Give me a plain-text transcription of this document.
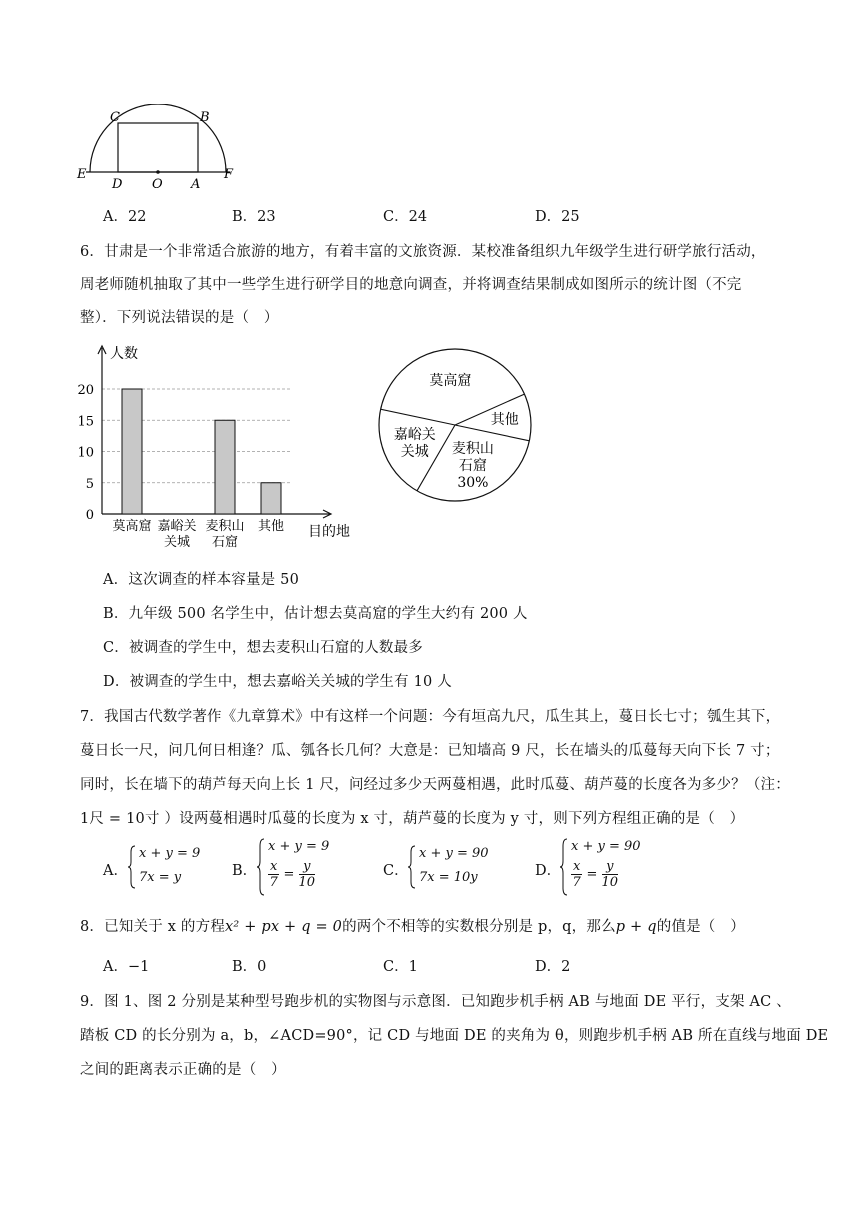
C	B
E
D O A
F
A．22	B．23	C．24	D．25
6．甘肃是一个非常适合旅游的地方，有着丰富的文旅资源．某校准备组织九年级学生进行研学旅行活动，
周老师随机抽取了其中一些学生进行研学目的地意向调查，并将调查结果制成如图所示的统计图（不完
整）．下列说法错误的是（　）
人数
目的地
0
5
10
15
20
莫高窟 嘉峪关
关城
麦积山
石窟
其他
莫高窟
其他
麦积山
石窟
30%
嘉峪关
关城
A．这次调查的样本容量是 50
B．九年级 500 名学生中，估计想去莫高窟的学生大约有 200 人
C．被调查的学生中，想去麦积山石窟的人数最多
D．被调查的学生中，想去嘉峪关关城的学生有 10 人
7．我国古代数学著作《九章算术》中有这样一个问题：今有垣高九尺，瓜生其上，蔓日长七寸；瓠生其下，
蔓日长一尺，问几何日相逢？瓜、瓠各长几何？大意是：已知墙高 9 尺，长在墙头的瓜蔓每天向下长 7 寸；
同时，长在墙下的葫芦每天向上长 1 尺，问经过多少天两蔓相遇，此时瓜蔓、葫芦蔓的长度各为多少？（注：
1尺 = 10寸 ）设两蔓相遇时瓜蔓的长度为 x 寸，葫芦蔓的长度为 y 寸，则下列方程组正确的是（　）
A．
x + y = 9
7x = y	B．
x + y = 9
$\frac{x}{7} = \frac{y}{10}$	C．
x + y = 90
7x = 10y	D．
x + y = 90
$\frac{x}{7} = \frac{y}{10}$
8．已知关于 x 的方程x² + px + q = 0的两个不相等的实数根分别是 p，q，那么p + q的值是（　）
A．−1	B．0	C．1	D．2
9．图 1、图 2 分别是某种型号跑步机的实物图与示意图．已知跑步机手柄 AB 与地面 DE 平行，支架 AC 、
踏板 CD 的长分别为 a，b，∠ACD=90°，记 CD 与地面 DE 的夹角为 θ，则跑步机手柄 AB 所在直线与地面 DE
之间的距离表示正确的是（　）
